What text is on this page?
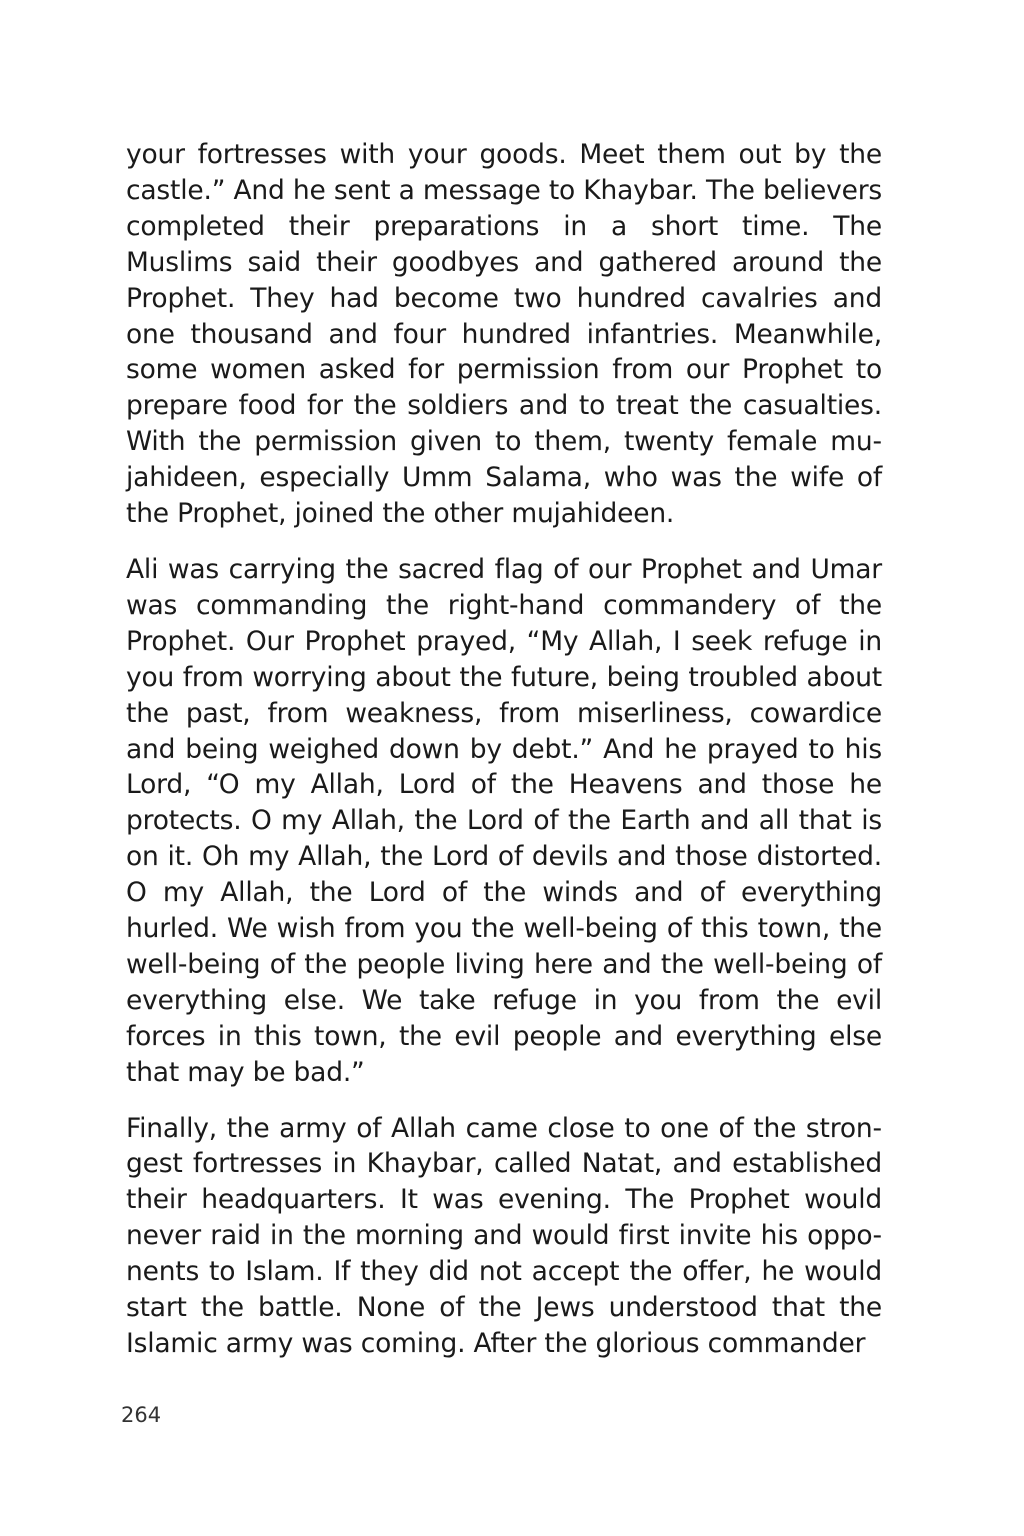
your fortresses with your goods. Meet them out by the castle.” And he sent a message to Khaybar. The believers completed their preparations in a short time. The Muslims said their goodbyes and gathered around the Prophet. They had become two hundred cavalries and one thousand and four hundred infantries. Meanwhile, some women asked for permission from our Prophet to prepare food for the soldiers and to treat the casualties. With the permission given to them, twenty female mujahideen, especially Umm Salama, who was the wife of the Prophet, joined the other mujahideen.

Ali was carrying the sacred flag of our Prophet and Umar was commanding the right-hand commandery of the Prophet. Our Prophet prayed, “My Allah, I seek refuge in you from worrying about the future, being troubled about the past, from weakness, from miserliness, cowardice and being weighed down by debt.” And he prayed to his Lord, “O my Allah, Lord of the Heavens and those he protects. O my Allah, the Lord of the Earth and all that is on it. Oh my Allah, the Lord of devils and those distorted. O my Allah, the Lord of the winds and of everything hurled. We wish from you the well-being of this town, the well-being of the people living here and the well-being of everything else. We take refuge in you from the evil forces in this town, the evil people and everything else that may be bad.”

Finally, the army of Allah came close to one of the strongest fortresses in Khaybar, called Natat, and established their headquarters. It was evening. The Prophet would never raid in the morning and would first invite his opponents to Islam. If they did not accept the offer, he would start the battle. None of the Jews understood that the Islamic army was coming. After the glorious commander

264
